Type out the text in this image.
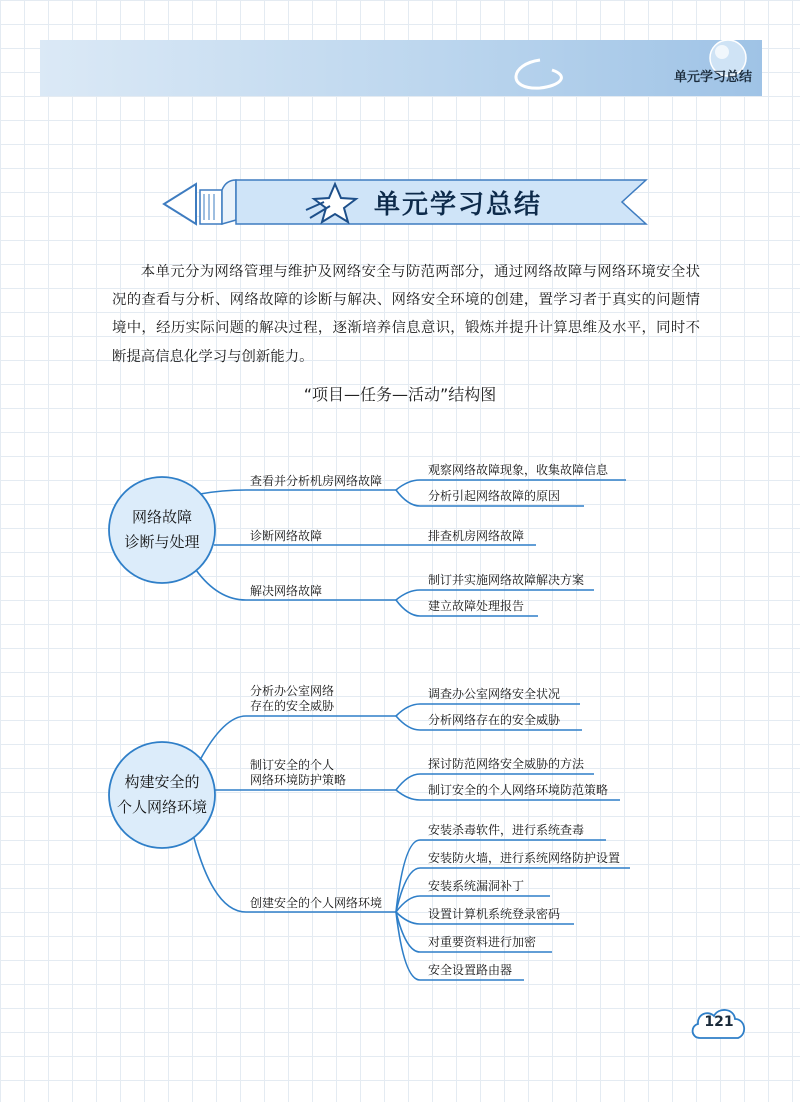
单元学习总结
单元学习总结

本单元分为网络管理与维护及网络安全与防范两部分，通过网络故障与网络环境安全状况的查看与分析、网络故障的诊断与解决、网络安全环境的创建，置学习者于真实的问题情境中，经历实际问题的解决过程，逐渐培养信息意识，锻炼并提升计算思维及水平，同时不断提高信息化学习与创新能力。

“项目—任务—活动”结构图
网络故障
诊断与处理
查看并分析机房网络故障
观察网络故障现象，收集故障信息
分析引起网络故障的原因
诊断网络故障	排查机房网络故障
解决网络故障
制订并实施网络故障解决方案
建立故障处理报告
构建安全的
个人网络环境
分析办公室网络
存在的安全威胁
调查办公室网络安全状况
分析网络存在的安全威胁
制订安全的个人
网络环境防护策略
探讨防范网络安全威胁的方法
制订安全的个人网络环境防范策略
创建安全的个人网络环境
安装杀毒软件，进行系统查毒
安装防火墙，进行系统网络防护设置
安装系统漏洞补丁
设置计算机系统登录密码
对重要资料进行加密
安全设置路由器
121
